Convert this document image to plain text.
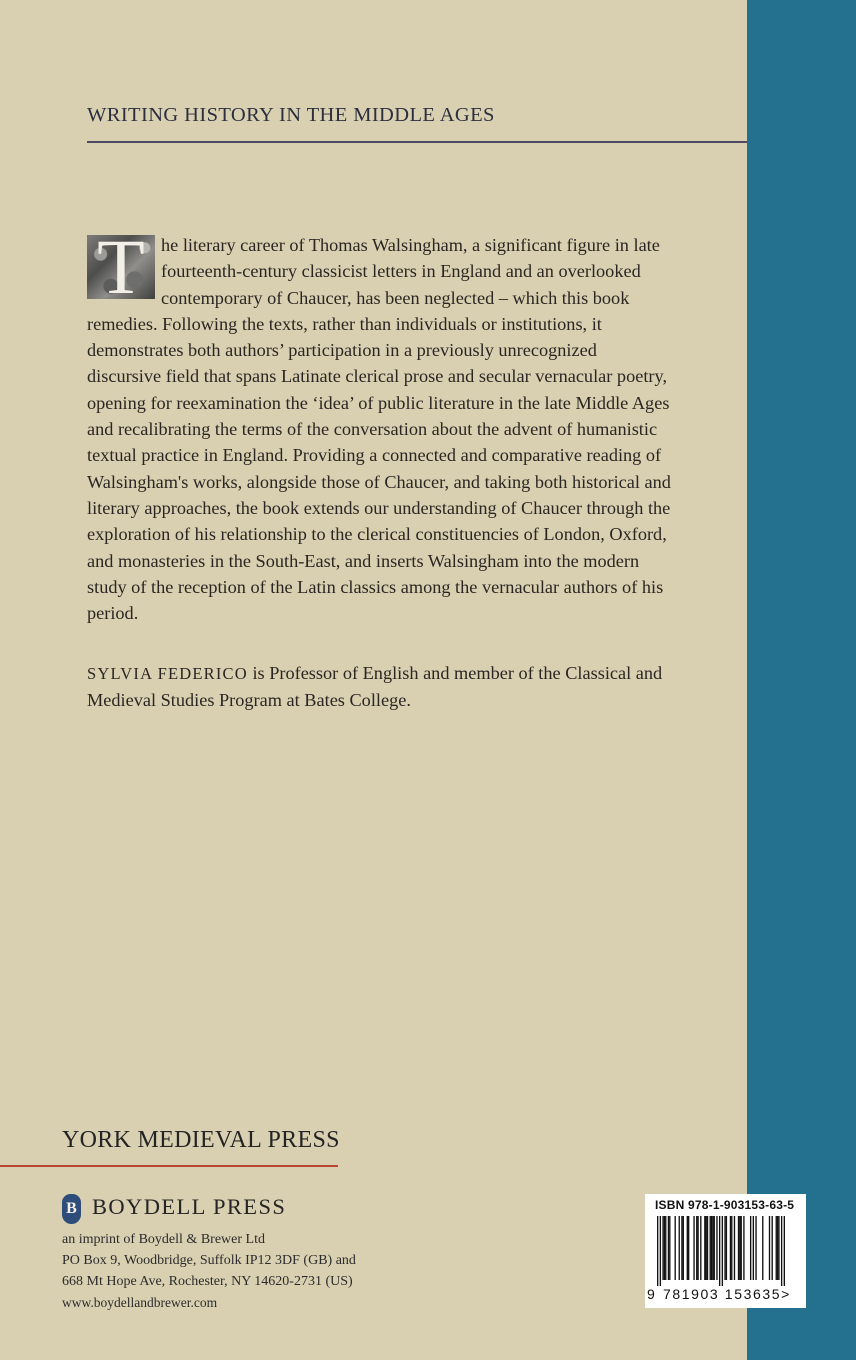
WRITING HISTORY IN THE MIDDLE AGES

T he literary career of Thomas Walsingham, a significant figure in late fourteenth-century classicist letters in England and an overlooked contemporary of Chaucer, has been neglected – which this book remedies. Following the texts, rather than individuals or institutions, it demonstrates both authors’ participation in a previously unrecognized discursive field that spans Latinate clerical prose and secular vernacular poetry, opening for reexamination the ‘idea’ of public literature in the late Middle Ages and recalibrating the terms of the conversation about the advent of humanistic textual practice in England. Providing a connected and comparative reading of Walsingham's works, alongside those of Chaucer, and taking both historical and literary approaches, the book extends our understanding of Chaucer through the exploration of his relationship to the clerical constituencies of London, Oxford, and monasteries in the South-East, and inserts Walsingham into the modern study of the reception of the Latin classics among the vernacular authors of his period.

SYLVIA FEDERICO is Professor of English and member of the Classical and Medieval Studies Program at Bates College.

YORK MEDIEVAL PRESS
B BOYDELL PRESS

an imprint of Boydell & Brewer Ltd
PO Box 9, Woodbridge, Suffolk IP12 3DF (GB) and
668 Mt Hope Ave, Rochester, NY 14620-2731 (US)

www.boydellandbrewer.com
ISBN 978-1-903153-63-5
9 781903 153635>
